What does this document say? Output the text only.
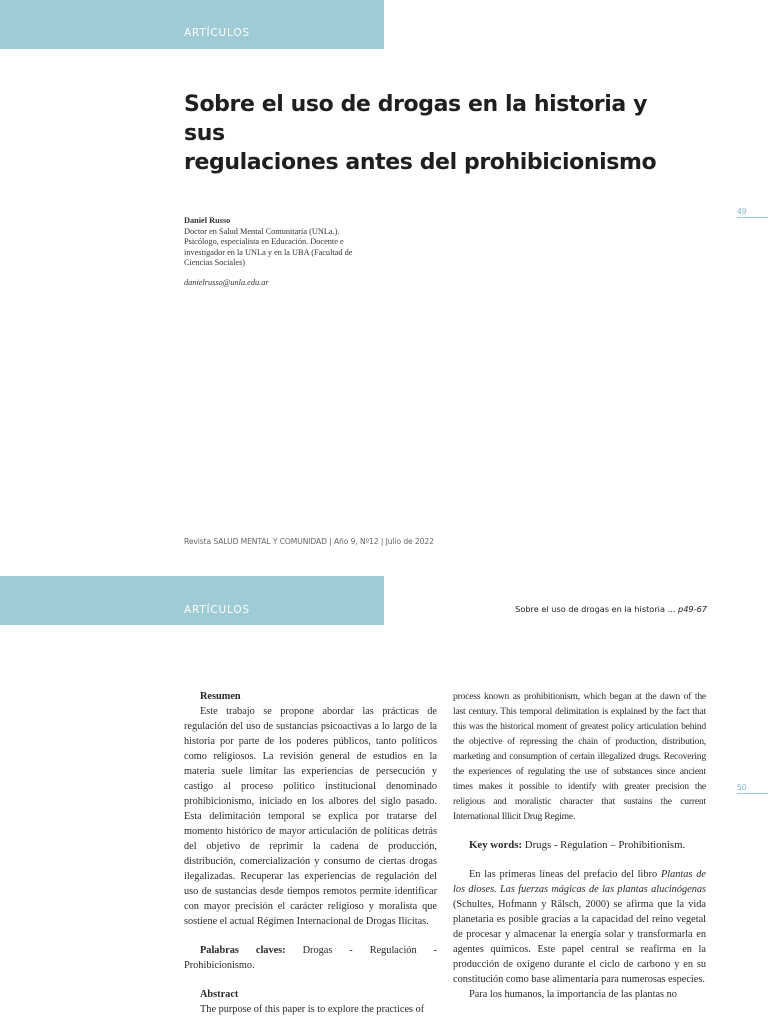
ARTÍCULOS
Sobre el uso de drogas en la historia y sus
regulaciones antes del prohibicionismo
Daniel Russo
Doctor en Salud Mental Comunitaria (UNLa.).
Psicólogo, especialista en Educación. Docente e
investigador en la UNLa y en la UBA (Facultad de
Ciencias Sociales)
danielrusso@unla.edu.ar
49
Revista SALUD MENTAL Y COMUNIDAD | Año 9, Nº12 | Julio de 2022
ARTÍCULOS	Sobre el uso de drogas en la historia ... p49-67
50

Resumen

Este trabajo se propone abordar las prácticas de regulación del uso de sustancias psicoactivas a lo largo de la historia por parte de los poderes públicos, tanto políticos como religiosos. La revisión general de estudios en la materia suele limitar las experiencias de persecución y castigo al proceso político institucional denominado prohibicionismo, iniciado en los albores del siglo pasado. Esta delimitación temporal se explica por tratarse del momento histórico de mayor articulación de políticas detrás del objetivo de reprimir la cadena de producción, distribución, comercialización y consumo de ciertas drogas ilegalizadas. Recuperar las experiencias de regulación del uso de sustancias desde tiempos remotos permite identificar con mayor precisión el carácter religioso y moralista que sostiene el actual Régimen Internacional de Drogas Ilícitas.

Palabras claves: Drogas - Regulación - Prohibicionismo.

Abstract

The purpose of this paper is to explore the practices of

process known as prohibitionism, which began at the dawn of the last century. This temporal delimitation is explained by the fact that this was the historical moment of greatest policy articulation behind the objective of repressing the chain of production, distribution, marketing and consumption of certain illegalized drugs. Recovering the experiences of regulating the use of substances since ancient times makes it possible to identify with greater precision the religious and moralistic character that sustains the current International Illicit Drug Regime.

Key words: Drugs - Regulation – Prohibitionism.

En las primeras líneas del prefacio del libro Plantas de los dioses. Las fuerzas mágicas de las plantas alucinógenas (Schultes, Hofmann y Rälsch, 2000) se afirma que la vida planetaria es posible gracias a la capacidad del reino vegetal de procesar y almacenar la energía solar y transformarla en agentes químicos. Este papel central se reafirma en la producción de oxígeno durante el ciclo de carbono y en su constitución como base alimentaria para numerosas especies.

Para los humanos, la importancia de las plantas no
